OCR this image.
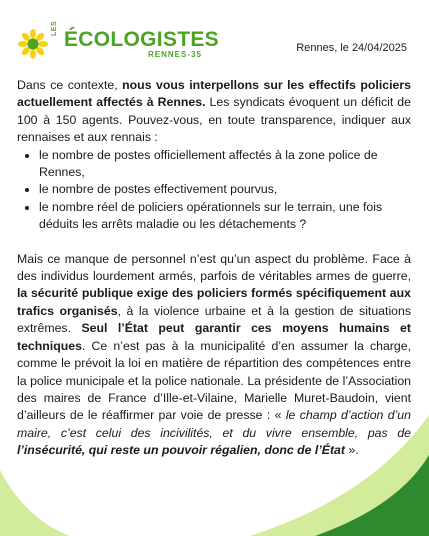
LES ÉCOLOGISTES
RENNES-35
Rennes, le 24/04/2025

Dans ce contexte, nous vous interpellons sur les effectifs policiers actuellement affectés à Rennes. Les syndicats évoquent un déficit de 100 à 150 agents. Pouvez-vous, en toute transparence, indiquer aux rennaises et aux rennais :

• le nombre de postes officiellement affectés à la zone police de Rennes,
• le nombre de postes effectivement pourvus,
• le nombre réel de policiers opérationnels sur le terrain, une fois déduits les arrêts maladie ou les détachements ?

Mais ce manque de personnel n’est qu’un aspect du problème. Face à des individus lourdement armés, parfois de véritables armes de guerre, la sécurité publique exige des policiers formés spécifiquement aux trafics organisés, à la violence urbaine et à la gestion de situations extrêmes. Seul l’État peut garantir ces moyens humains et techniques. Ce n’est pas à la municipalité d’en assumer la charge, comme le prévoit la loi en matière de répartition des compétences entre la police municipale et la police nationale. La présidente de l’Association des maires de France d’Ille-et-Vilaine, Marielle Muret-Baudoin, vient d’ailleurs de le réaffirmer par voie de presse : « le champ d’action d’un maire, c’est celui des incivilités, et du vivre ensemble, pas de l’insécurité, qui reste un pouvoir régalien, donc de l’État ».
